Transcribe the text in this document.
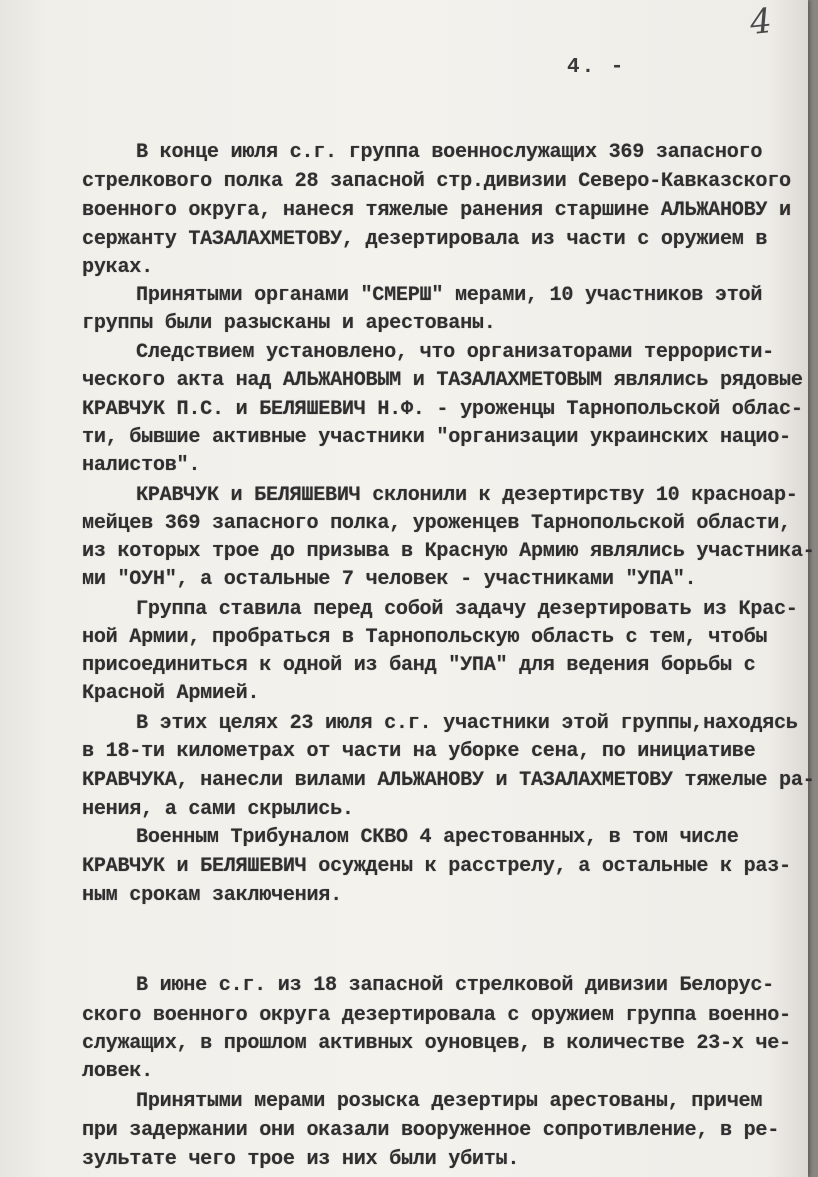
4
4. -

В конце июля с.г. группа военнослужащих 369 запасного

стрелкового полка 28 запасной стр.дивизии Северо-Кавказского

военного округа, нанеся тяжелые ранения старшине АЛЬЖАНОВУ и

сержанту ТАЗАЛАХМЕТОВУ, дезертировала из части с оружием в

руках.

Принятыми органами "СМЕРШ" мерами, 10 участников этой

группы были разысканы и арестованы.

Следствием установлено, что организаторами террористи-

ческого акта над АЛЬЖАНОВЫМ и ТАЗАЛАХМЕТОВЫМ являлись рядовые

КРАВЧУК П.С. и БЕЛЯШЕВИЧ Н.Ф. - уроженцы Тарнопольской облас-

ти, бывшие активные участники "организации украинских нацио-

налистов".

КРАВЧУК и БЕЛЯШЕВИЧ склонили к дезертирству 10 красноар-

мейцев 369 запасного полка, уроженцев Тарнопольской области,

из которых трое до призыва в Красную Армию являлись участника-

ми "ОУН", а остальные 7 человек - участниками "УПА".

Группа ставила перед собой задачу дезертировать из Крас-

ной Армии, пробраться в Тарнопольскую область с тем, чтобы

присоединиться к одной из банд "УПА" для ведения борьбы с

Красной Армией.

В этих целях 23 июля с.г. участники этой группы,находясь

в 18-ти километрах от части на уборке сена, по инициативе

КРАВЧУКА, нанесли вилами АЛЬЖАНОВУ и ТАЗАЛАХМЕТОВУ тяжелые ра-

нения, а сами скрылись.

Военным Трибуналом СКВО 4 арестованных, в том числе

КРАВЧУК и БЕЛЯШЕВИЧ осуждены к расстрелу, а остальные к раз-

ным срокам заключения.

В июне с.г. из 18 запасной стрелковой дивизии Белорус-

ского военного округа дезертировала с оружием группа военно-

служащих, в прошлом активных оуновцев, в количестве 23-х че-

ловек.

Принятыми мерами розыска дезертиры арестованы, причем

при задержании они оказали вооруженное сопротивление, в ре-

зультате чего трое из них были убиты.
